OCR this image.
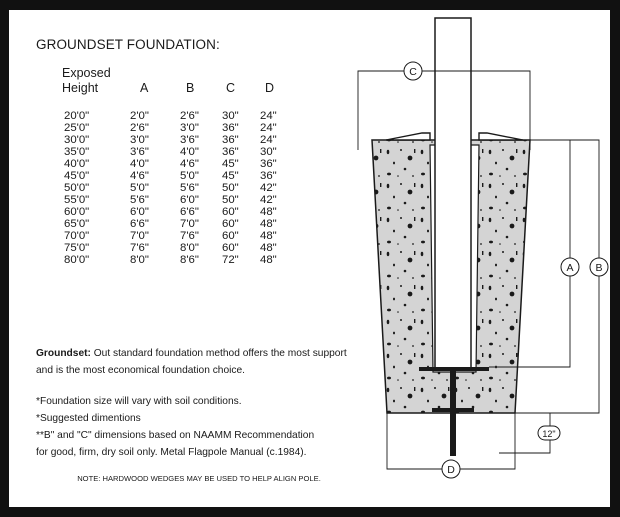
GROUNDSET FOUNDATION:
Exposed Height	A	B	C	D
20'0"	2'0"	2'6"	30"	24"
25'0"	2'6"	3'0"	36"	24"
30'0"	3'0"	3'6"	36"	24"
35'0"	3'6"	4'0"	36"	30"
40'0"	4'0"	4'6"	45"	36"
45'0"	4'6"	5'0"	45"	36"
50'0"	5'0"	5'6"	50"	42"
55'0"	5'6"	6'0"	50"	42"
60'0"	6'0"	6'6"	60"	48"
65'0"	6'6"	7'0"	60"	48"
70'0"	7'0"	7'6"	60"	48"
75'0"	7'6"	8'0"	60"	48"
80'0"	8'0"	8'6"	72"	48"
Groundset: Out standard foundation method offers the most support and is the most economical foundation choice.
*Foundation size will vary with soil conditions.
*Suggested dimentions
**B" and "C" dimensions based on NAAMM Recommendation
for good, firm, dry soil only. Metal Flagpole Manual (c.1984).
NOTE: HARDWOOD WEDGES MAY BE USED TO HELP ALIGN POLE.
C
A B
12"
D
